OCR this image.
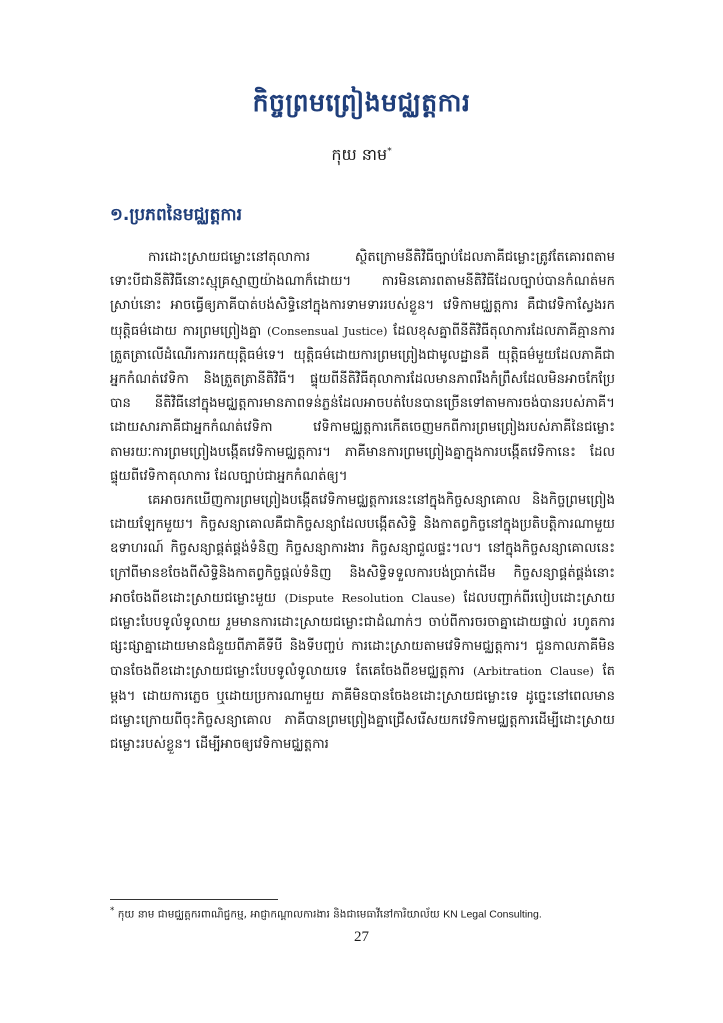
កិច្ចព្រមព្រៀងមជ្ឈត្តការ
កុយ នាម*
១.ប្រភពនៃមជ្ឈត្តការ

ការដោះស្រាយជម្លោះនៅតុលាការ ស្ថិតក្រោមនីតិវិធីច្បាប់ដែលភាគីជម្លោះត្រូវតែគោរពតាម ទោះបីជានីតិវិធីនោះស្មុគ្រស្មាញយ៉ាងណាក៏ដោយ។ ការមិនគោរពតាមនីតិវិធីដែលច្បាប់បានកំណត់មកស្រាប់នោះ អាចធ្វើឲ្យភាគីបាត់បង់សិទ្ធិនៅក្នុងការទាមទាររបស់ខ្លួន។ វេទិកាមជ្ឈត្តការ គឺជាវេទិកាស្វែងរកយុត្តិធម៌ដោយ ការព្រមព្រៀងគ្នា (Consensual Justice) ដែលខុសគ្នាពីនីតិវិធីតុលាការដែលភាគីគ្មានការត្រួតត្រាលើដំណើរការរកយុត្តិធម៌ទេ។ យុត្តិធម៌ដោយការព្រមព្រៀងជាមូលដ្ឋានគឺ យុត្តិធម៌មួយដែលភាគីជាអ្នកកំណត់វេទិកា និងត្រួតត្រានីតិវិធី។ ផ្ទុយពីនីតិវិធីតុលាការដែលមានភាពរឹងកំព្រឹសដែលមិនអាចកែប្រែបាន នីតិវិធីនៅក្នុងមជ្ឈត្តការមានភាពទន់ភ្លន់ដែលអាចបត់បែនបានច្រើនទៅតាមការចង់បានរបស់ភាគី។ ដោយសារភាគីជាអ្នកកំណត់វេទិកា វេទិកាមជ្ឈត្តការកើតចេញមកពីការព្រមព្រៀងរបស់ភាគីនៃជម្លោះ តាមរយៈការព្រមព្រៀងបង្កើតវេទិកាមជ្ឈត្តការ។ ភាគីមានការព្រមព្រៀងគ្នាក្នុងការបង្កើតវេទិកានេះ ដែលផ្ទុយពីវេទិកាតុលាការ ដែលច្បាប់ជាអ្នកកំណត់ឲ្យ។

គេអាចរកឃើញការព្រមព្រៀងបង្កើតវេទិកាមជ្ឈត្តការនេះនៅក្នុងកិច្ចសន្យាគោល និងកិច្ចព្រមព្រៀងដោយឡែកមួយ។ កិច្ចសន្យាគោលគឺជាកិច្ចសន្យាដែលបង្កើតសិទ្ធិ និងកាតព្វកិច្ចនៅក្នុងប្រតិបត្តិការណាមួយ ឧទាហរណ៍ កិច្ចសន្យាផ្គត់ផ្គង់ទំនិញ កិច្ចសន្យាការងារ កិច្ចសន្យាជួលផ្ទះ។ល។ នៅក្នុងកិច្ចសន្យាគោលនេះ ក្រៅពីមានខចែងពីសិទ្ធិនិងកាតព្វកិច្ចផ្តល់ទំនិញ និងសិទ្ធិទទួលការបង់ប្រាក់ដើម កិច្ចសន្យាផ្គត់ផ្គង់នោះអាចចែងពីខដោះស្រាយជម្លោះមួយ (Dispute Resolution Clause) ដែលបញ្ជាក់ពីរបៀបដោះស្រាយជម្លោះបែបទូលំទូលាយ រួមមានការដោះស្រាយជម្លោះជាដំណាក់ៗ ចាប់ពីការចរចាគ្នាដោយផ្ទាល់ រហូតការផ្សះផ្សាគ្នាដោយមានជំនួយពីភាគីទីបី និងទីបញ្ចប់ ការដោះស្រាយតាមវេទិកាមជ្ឈត្តការ។ ជួនកាលភាគីមិនបានចែងពីខដោះស្រាយជម្លោះបែបទូលំទូលាយទេ តែគេចែងពីខមជ្ឈត្តការ (Arbitration Clause) តែម្តង។ ដោយការភ្លេច ឬដោយប្រការណាមួយ ភាគីមិនបានចែងខដោះស្រាយជម្លោះទេ ដូច្នេះនៅពេលមានជម្លោះក្រោយពីចុះកិច្ចសន្យាគោល ភាគីបានព្រមព្រៀងគ្នាជ្រើសរើសយកវេទិកាមជ្ឈត្តការដើម្បីដោះស្រាយជម្លោះរបស់ខ្លួន។ ដើម្បីអាចឲ្យវេទិកាមជ្ឈត្តការ

* កុយ នាម ជាមជ្ឈត្តករពាណិជ្ជកម្ម, អាជ្ញាកណ្តាលការងារ និងជាមេធាវីនៅការិយាល័យ KN Legal Consulting.
27
